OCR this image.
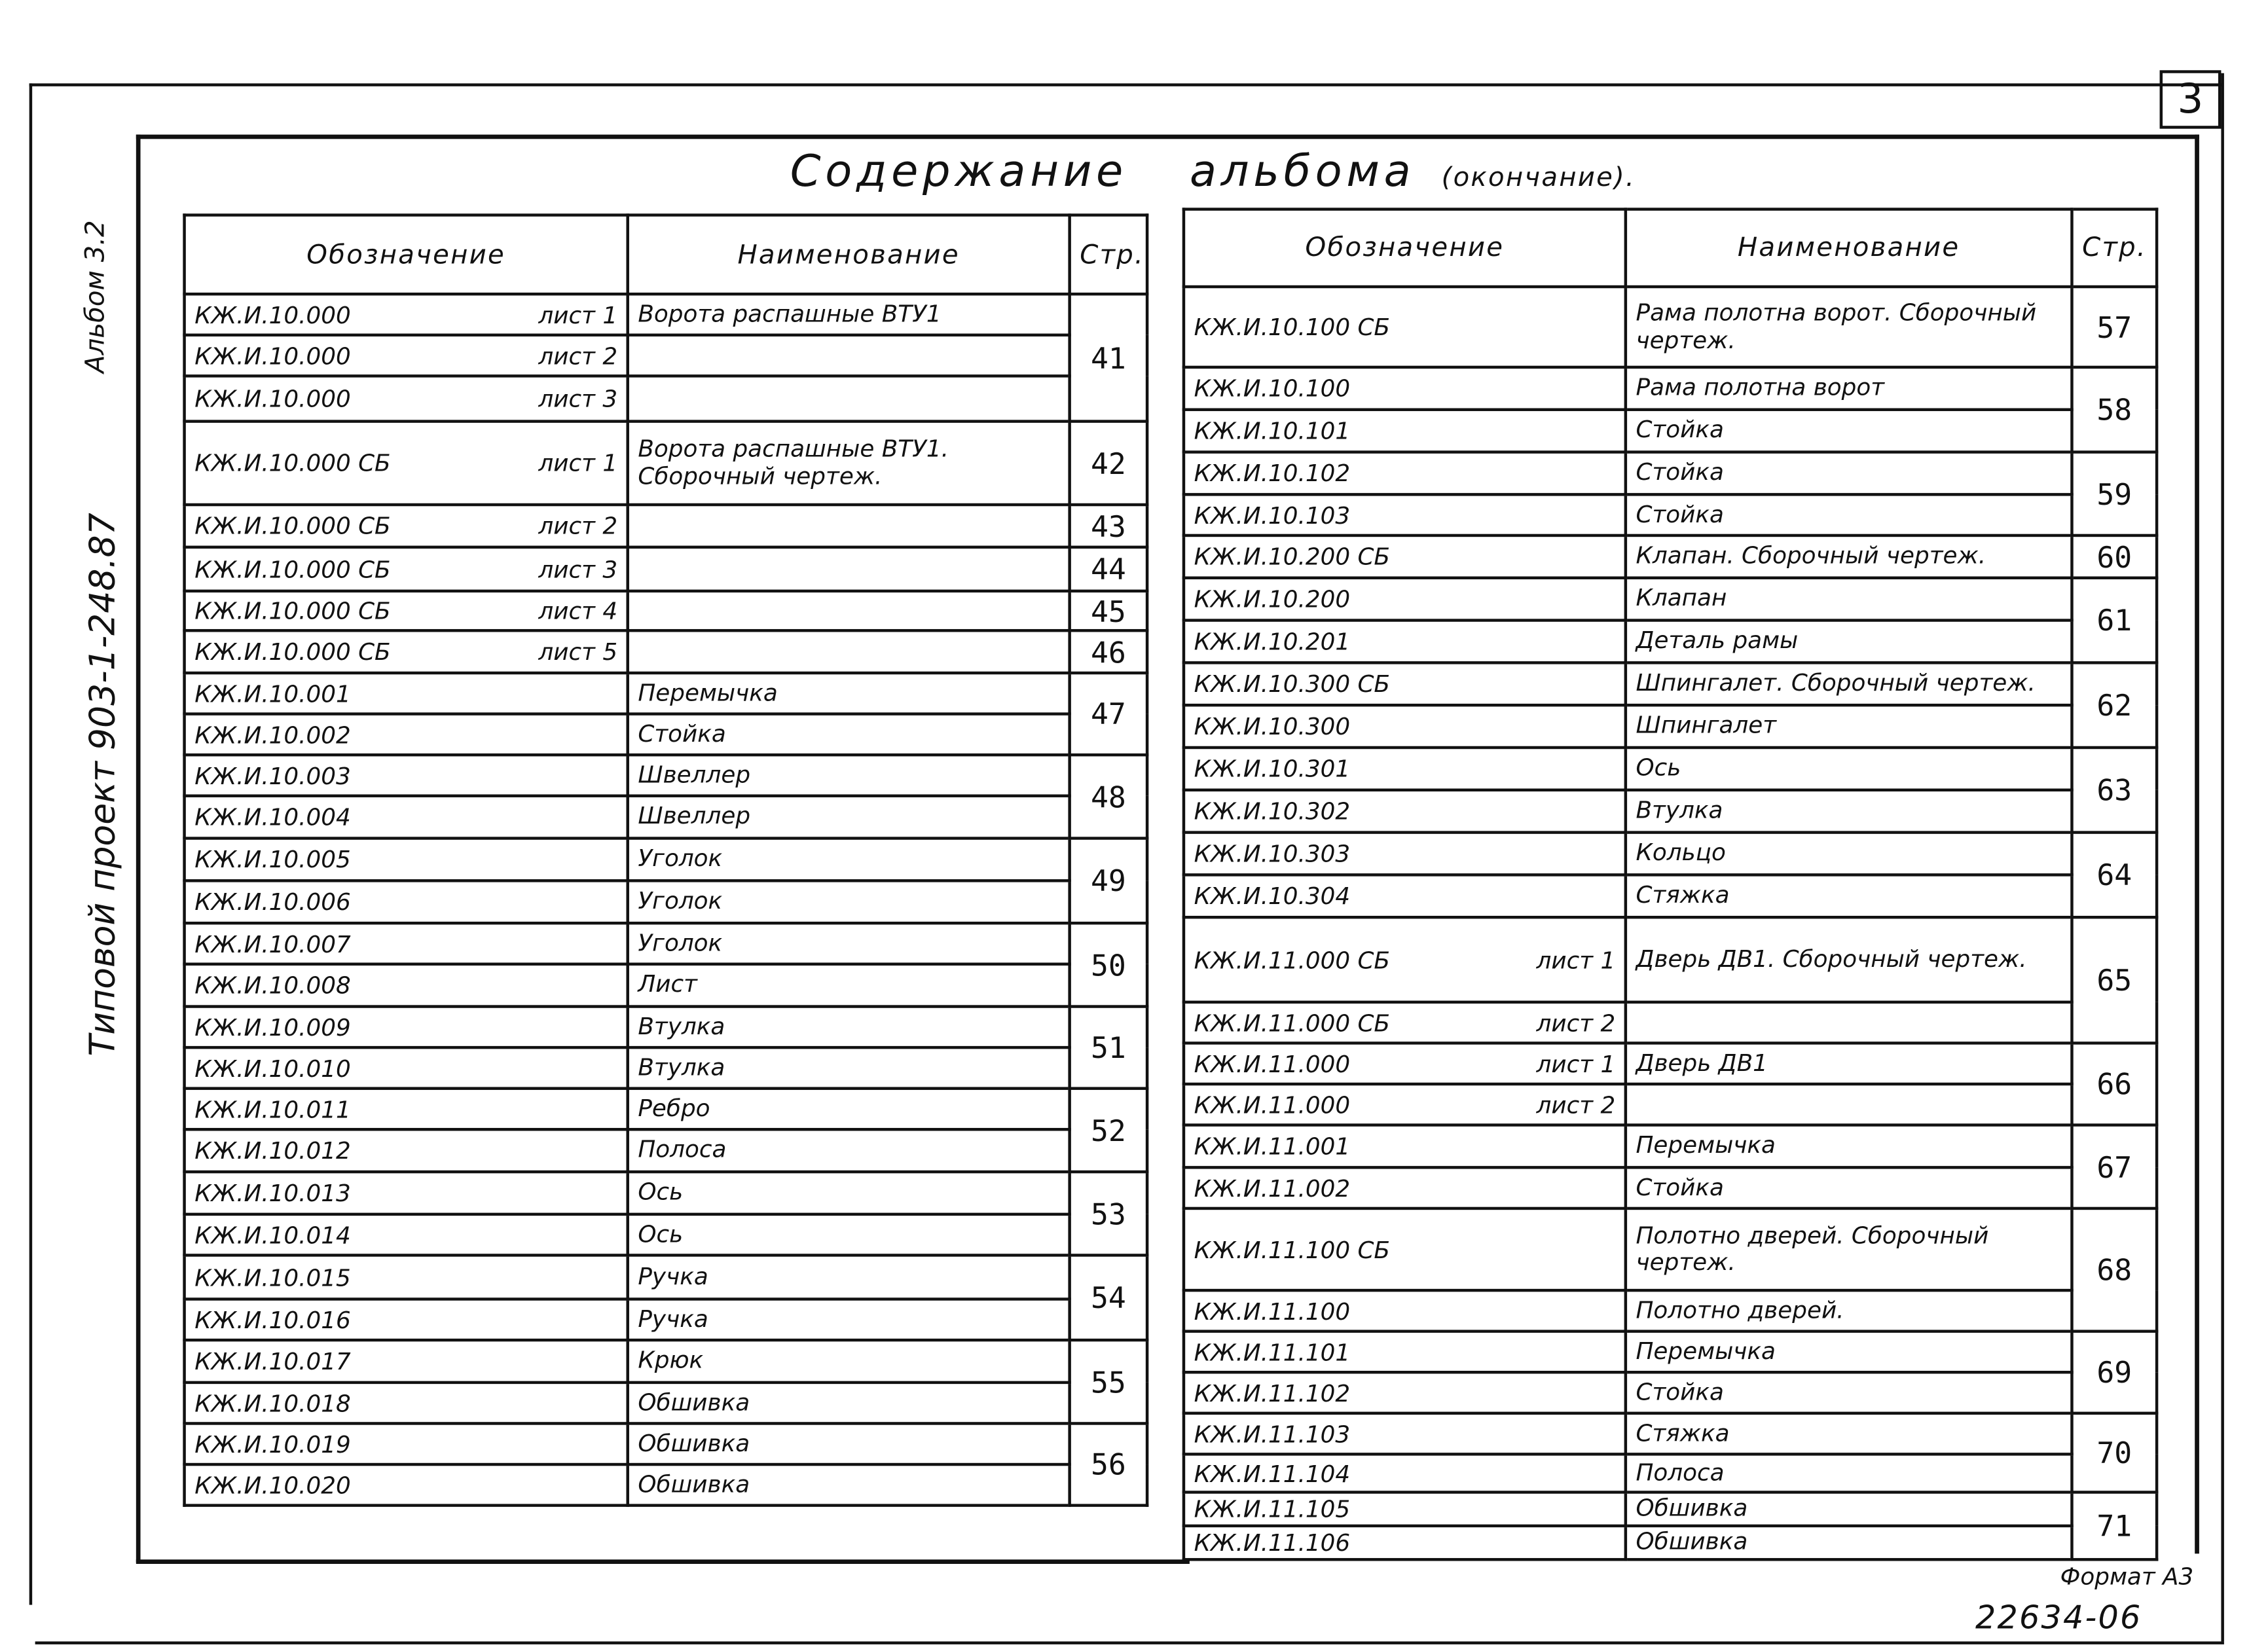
3
Альбом 3.2
Типовой проект 903-1-248.87
Содержание альбома (окончание).
Обозначение	Наименование	Стр.

КЖ.И.10.000 лист 1	Ворота распашные ВТУ1	41

КЖ.И.10.000 лист 2		

КЖ.И.10.000 лист 3		

КЖ.И.10.000 СБ лист 1	Ворота распашные ВТУ1. Сборочный чертеж.	42

КЖ.И.10.000 СБ лист 2		43

КЖ.И.10.000 СБ лист 3		44

КЖ.И.10.000 СБ лист 4		45

КЖ.И.10.000 СБ лист 5		46

КЖ.И.10.001	Перемычка	47

КЖ.И.10.002	Стойка	

КЖ.И.10.003	Швеллер	48

КЖ.И.10.004	Швеллер	

КЖ.И.10.005	Уголок	49

КЖ.И.10.006	Уголок	

КЖ.И.10.007	Уголок	50

КЖ.И.10.008	Лист	

КЖ.И.10.009	Втулка	51

КЖ.И.10.010	Втулка	

КЖ.И.10.011	Ребро	52

КЖ.И.10.012	Полоса	

КЖ.И.10.013	Ось	53

КЖ.И.10.014	Ось	

КЖ.И.10.015	Ручка	54

КЖ.И.10.016	Ручка	

КЖ.И.10.017	Крюк	55

КЖ.И.10.018	Обшивка	

КЖ.И.10.019	Обшивка	56

КЖ.И.10.020	Обшивка	
Обозначение	Наименование	Стр.

КЖ.И.10.100 СБ	Рама полотна ворот. Сборочный чертеж.	57

КЖ.И.10.100	Рама полотна ворот	58

КЖ.И.10.101	Стойка	

КЖ.И.10.102	Стойка	59

КЖ.И.10.103	Стойка	

КЖ.И.10.200 СБ	Клапан. Сборочный чертеж.	60

КЖ.И.10.200	Клапан	61

КЖ.И.10.201	Деталь рамы	

КЖ.И.10.300 СБ	Шпингалет. Сборочный чертеж.	62

КЖ.И.10.300	Шпингалет	

КЖ.И.10.301	Ось	63

КЖ.И.10.302	Втулка	

КЖ.И.10.303	Кольцо	64

КЖ.И.10.304	Стяжка	

КЖ.И.11.000 СБ лист 1	Дверь ДВ1. Сборочный чертеж.	65

КЖ.И.11.000 СБ лист 2		

КЖ.И.11.000 лист 1	Дверь ДВ1	66

КЖ.И.11.000 лист 2		

КЖ.И.11.001	Перемычка	67

КЖ.И.11.002	Стойка	

КЖ.И.11.100 СБ	Полотно дверей. Сборочный чертеж.	68

КЖ.И.11.100	Полотно дверей.	

КЖ.И.11.101	Перемычка	69

КЖ.И.11.102	Стойка	

КЖ.И.11.103	Стяжка	70

КЖ.И.11.104	Полоса	

КЖ.И.11.105	Обшивка	71

КЖ.И.11.106	Обшивка	
Формат А3
22634-06
